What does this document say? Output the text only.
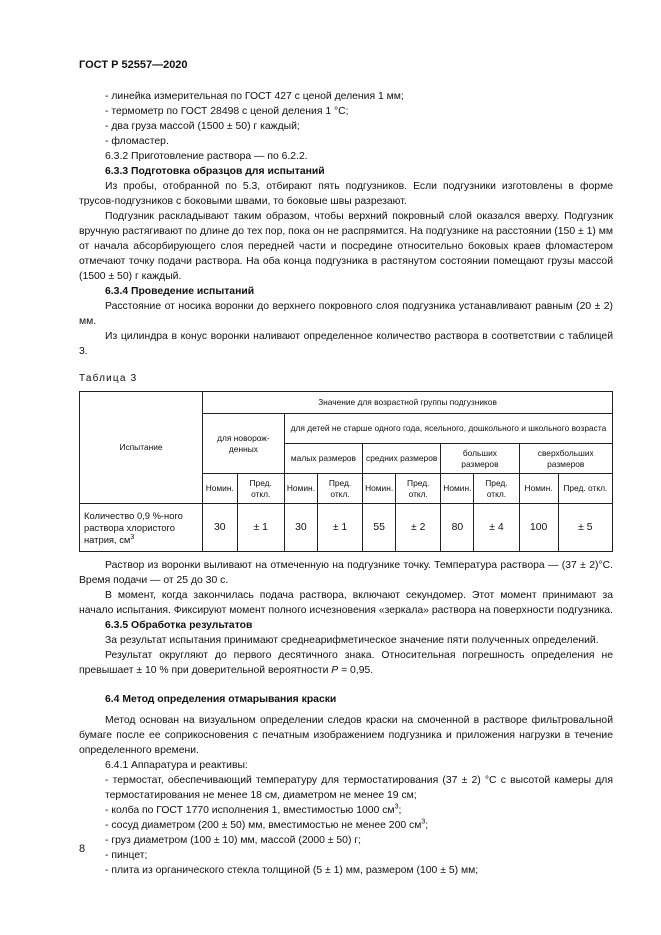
ГОСТ Р 52557—2020

- линейка измерительная по ГОСТ 427 с ценой деления 1 мм;

- термометр по ГОСТ 28498 с ценой деления 1 °С;

- два груза массой (1500 ± 50) г каждый;

- фломастер.

6.3.2 Приготовление раствора — по 6.2.2.

6.3.3 Подготовка образцов для испытаний

Из пробы, отобранной по 5.3, отбирают пять подгузников. Если подгузники изготовлены в форме трусов-подгузников с боковыми швами, то боковые швы разрезают.

Подгузник раскладывают таким образом, чтобы верхний покровный слой оказался вверху. Подгузник вручную растягивают по длине до тех пор, пока он не распрямится. На подгузнике на расстоянии (150 ± 1) мм от начала абсорбирующего слоя передней части и посредине относительно боковых краев фломастером отмечают точку подачи раствора. На оба конца подгузника в растянутом состоянии помещают грузы массой (1500 ± 50) г каждый.

6.3.4 Проведение испытаний

Расстояние от носика воронки до верхнего покровного слоя подгузника устанавливают равным (20 ± 2) мм.

Из цилиндра в конус воронки наливают определенное количество раствора в соответствии с таблицей 3.

Таблица 3
Испытание	Значение для возрастной группы подгузников									
	для новорож-денных		для детей не старше одного года, ясельного, дошкольного и школьного возраста							
			малых размеров		средних размеров		больших размеров		сверхбольших размеров	
	Номин.	Пред. откл.	Номин.	Пред. откл.	Номин.	Пред. откл.	Номин.	Пред. откл.	Номин.	Пред. откл.
Количество 0,9 %-ного раствора хлористого натрия, $см^3$	30	± 1	30	± 1	55	± 2	80	± 4	100	± 5

Раствор из воронки выливают на отмеченную на подгузнике точку. Температура раствора — (37 ± 2)°С. Время подачи — от 25 до 30 с.

В момент, когда закончилась подача раствора, включают секундомер. Этот момент принимают за начало испытания. Фиксируют момент полного исчезновения «зеркала» раствора на поверхности подгузника.

6.3.5 Обработка результатов

За результат испытания принимают среднеарифметическое значение пяти полученных определений.

Результат округляют до первого десятичного знака. Относительная погрешность определения не превышает ± 10 % при доверительной вероятности Р = 0,95.

6.4 Метод определения отмарывания краски

Метод основан на визуальном определении следов краски на смоченной в растворе фильтровальной бумаге после ее соприкосновения с печатным изображением подгузника и приложения нагрузки в течение определенного времени.

6.4.1 Аппаратура и реактивы:

- термостат, обеспечивающий температуру для термостатирования (37 ± 2) °С с высотой камеры для термостатирования не менее 18 см, диаметром не менее 19 см;

- колба по ГОСТ 1770 исполнения 1, вместимостью 1000 $см^3$;

- сосуд диаметром (200 ± 50) мм, вместимостью не менее 200 $см^3$;

- груз диаметром (100 ± 10) мм, массой (2000 ± 50) г;

- пинцет;

- плита из органического стекла толщиной (5 ± 1) мм, размером (100 ± 5) мм;

8
